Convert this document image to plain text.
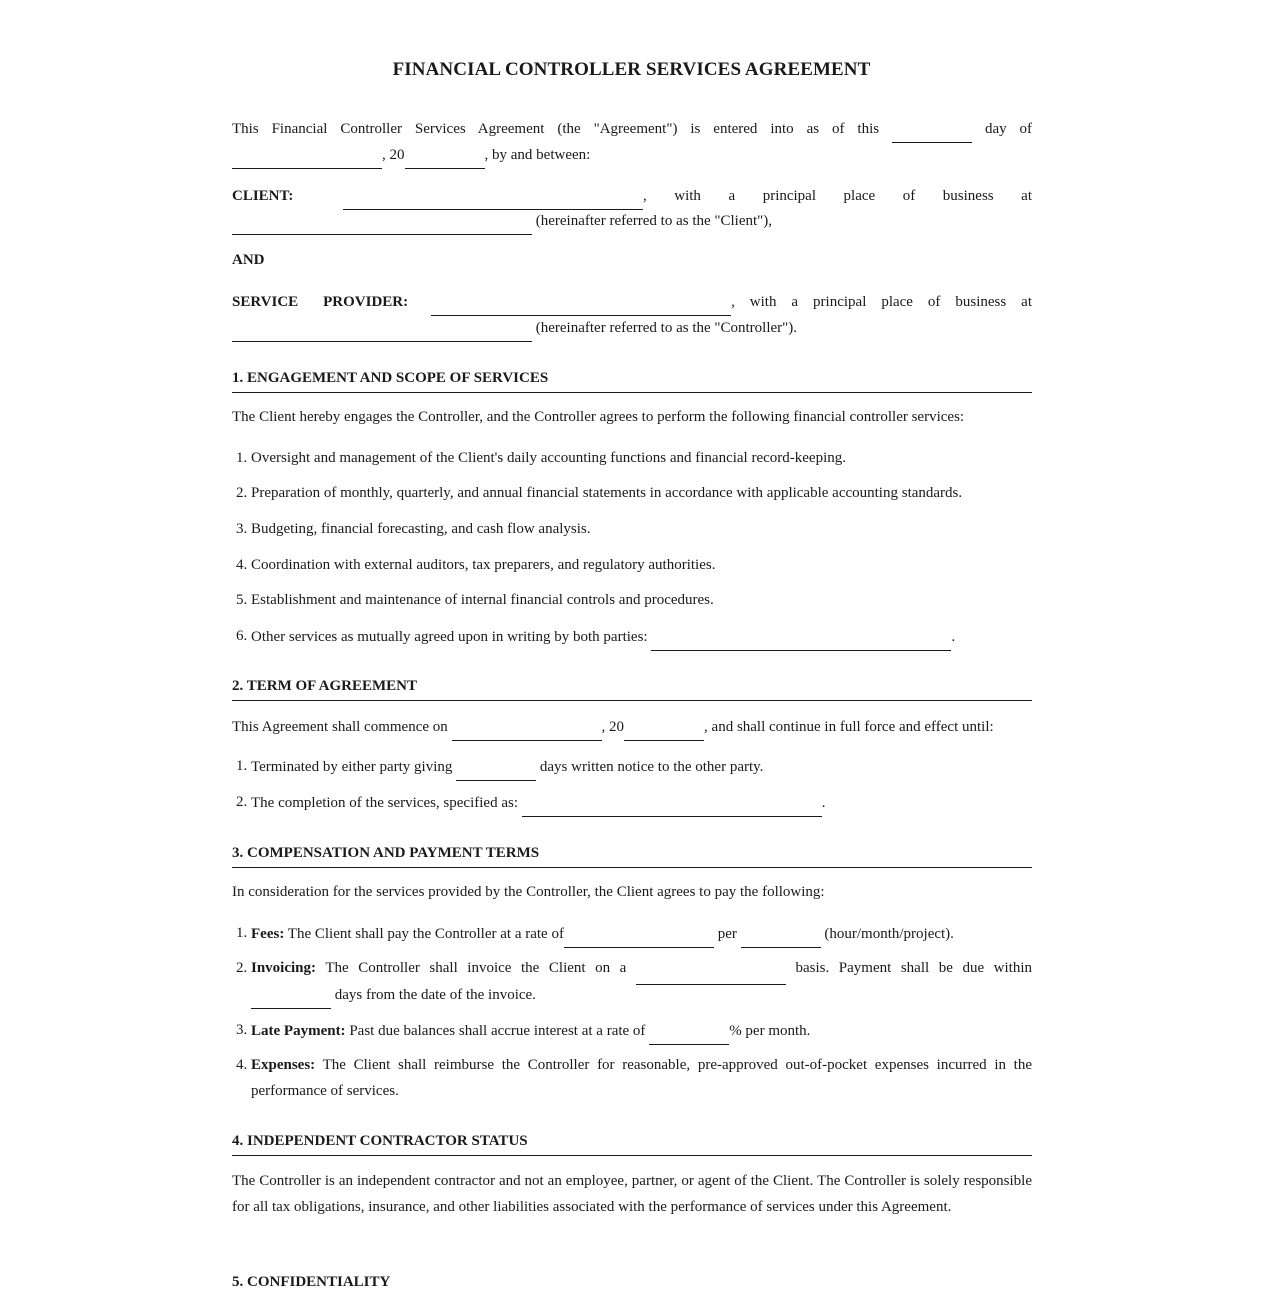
FINANCIAL CONTROLLER SERVICES AGREEMENT
This Financial Controller Services Agreement (the "Agreement") is entered into as of this	day of
, 20	, by and between:
CLIENT:	, with a principal place of business at
(hereinafter referred to as the "Client"),
AND
SERVICE PROVIDER:	, with a principal place of business at
(hereinafter referred to as the "Controller").
1. ENGAGEMENT AND SCOPE OF SERVICES
The Client hereby engages the Controller, and the Controller agrees to perform the following financial controller services:
1. Oversight and management of the Client's daily accounting functions and financial record-keeping.
2. Preparation of monthly, quarterly, and annual financial statements in accordance with applicable accounting standards.
3. Budgeting, financial forecasting, and cash flow analysis.
4. Coordination with external auditors, tax preparers, and regulatory authorities.
5. Establishment and maintenance of internal financial controls and procedures.
6. Other services as mutually agreed upon in writing by both parties:	.
2. TERM OF AGREEMENT
This Agreement shall commence on	, 20	, and shall continue in full force and effect until:
1. Terminated by either party giving	days written notice to the other party.
2. The completion of the services, specified as:	.
3. COMPENSATION AND PAYMENT TERMS
In consideration for the services provided by the Controller, the Client agrees to pay the following:
1. Fees: The Client shall pay the Controller at a rate of	per	(hour/month/project).
2. Invoicing: The Controller shall invoice the Client on a	basis. Payment shall be due within
days from the date of the invoice.
3. Late Payment: Past due balances shall accrue interest at a rate of	% per month.
4. Expenses: The Client shall reimburse the Controller for reasonable, pre-approved out-of-pocket expenses incurred in the performance of services.
4. INDEPENDENT CONTRACTOR STATUS
The Controller is an independent contractor and not an employee, partner, or agent of the Client. The Controller is solely responsible for all tax obligations, insurance, and other liabilities associated with the performance of services under this Agreement.
5. CONFIDENTIALITY
